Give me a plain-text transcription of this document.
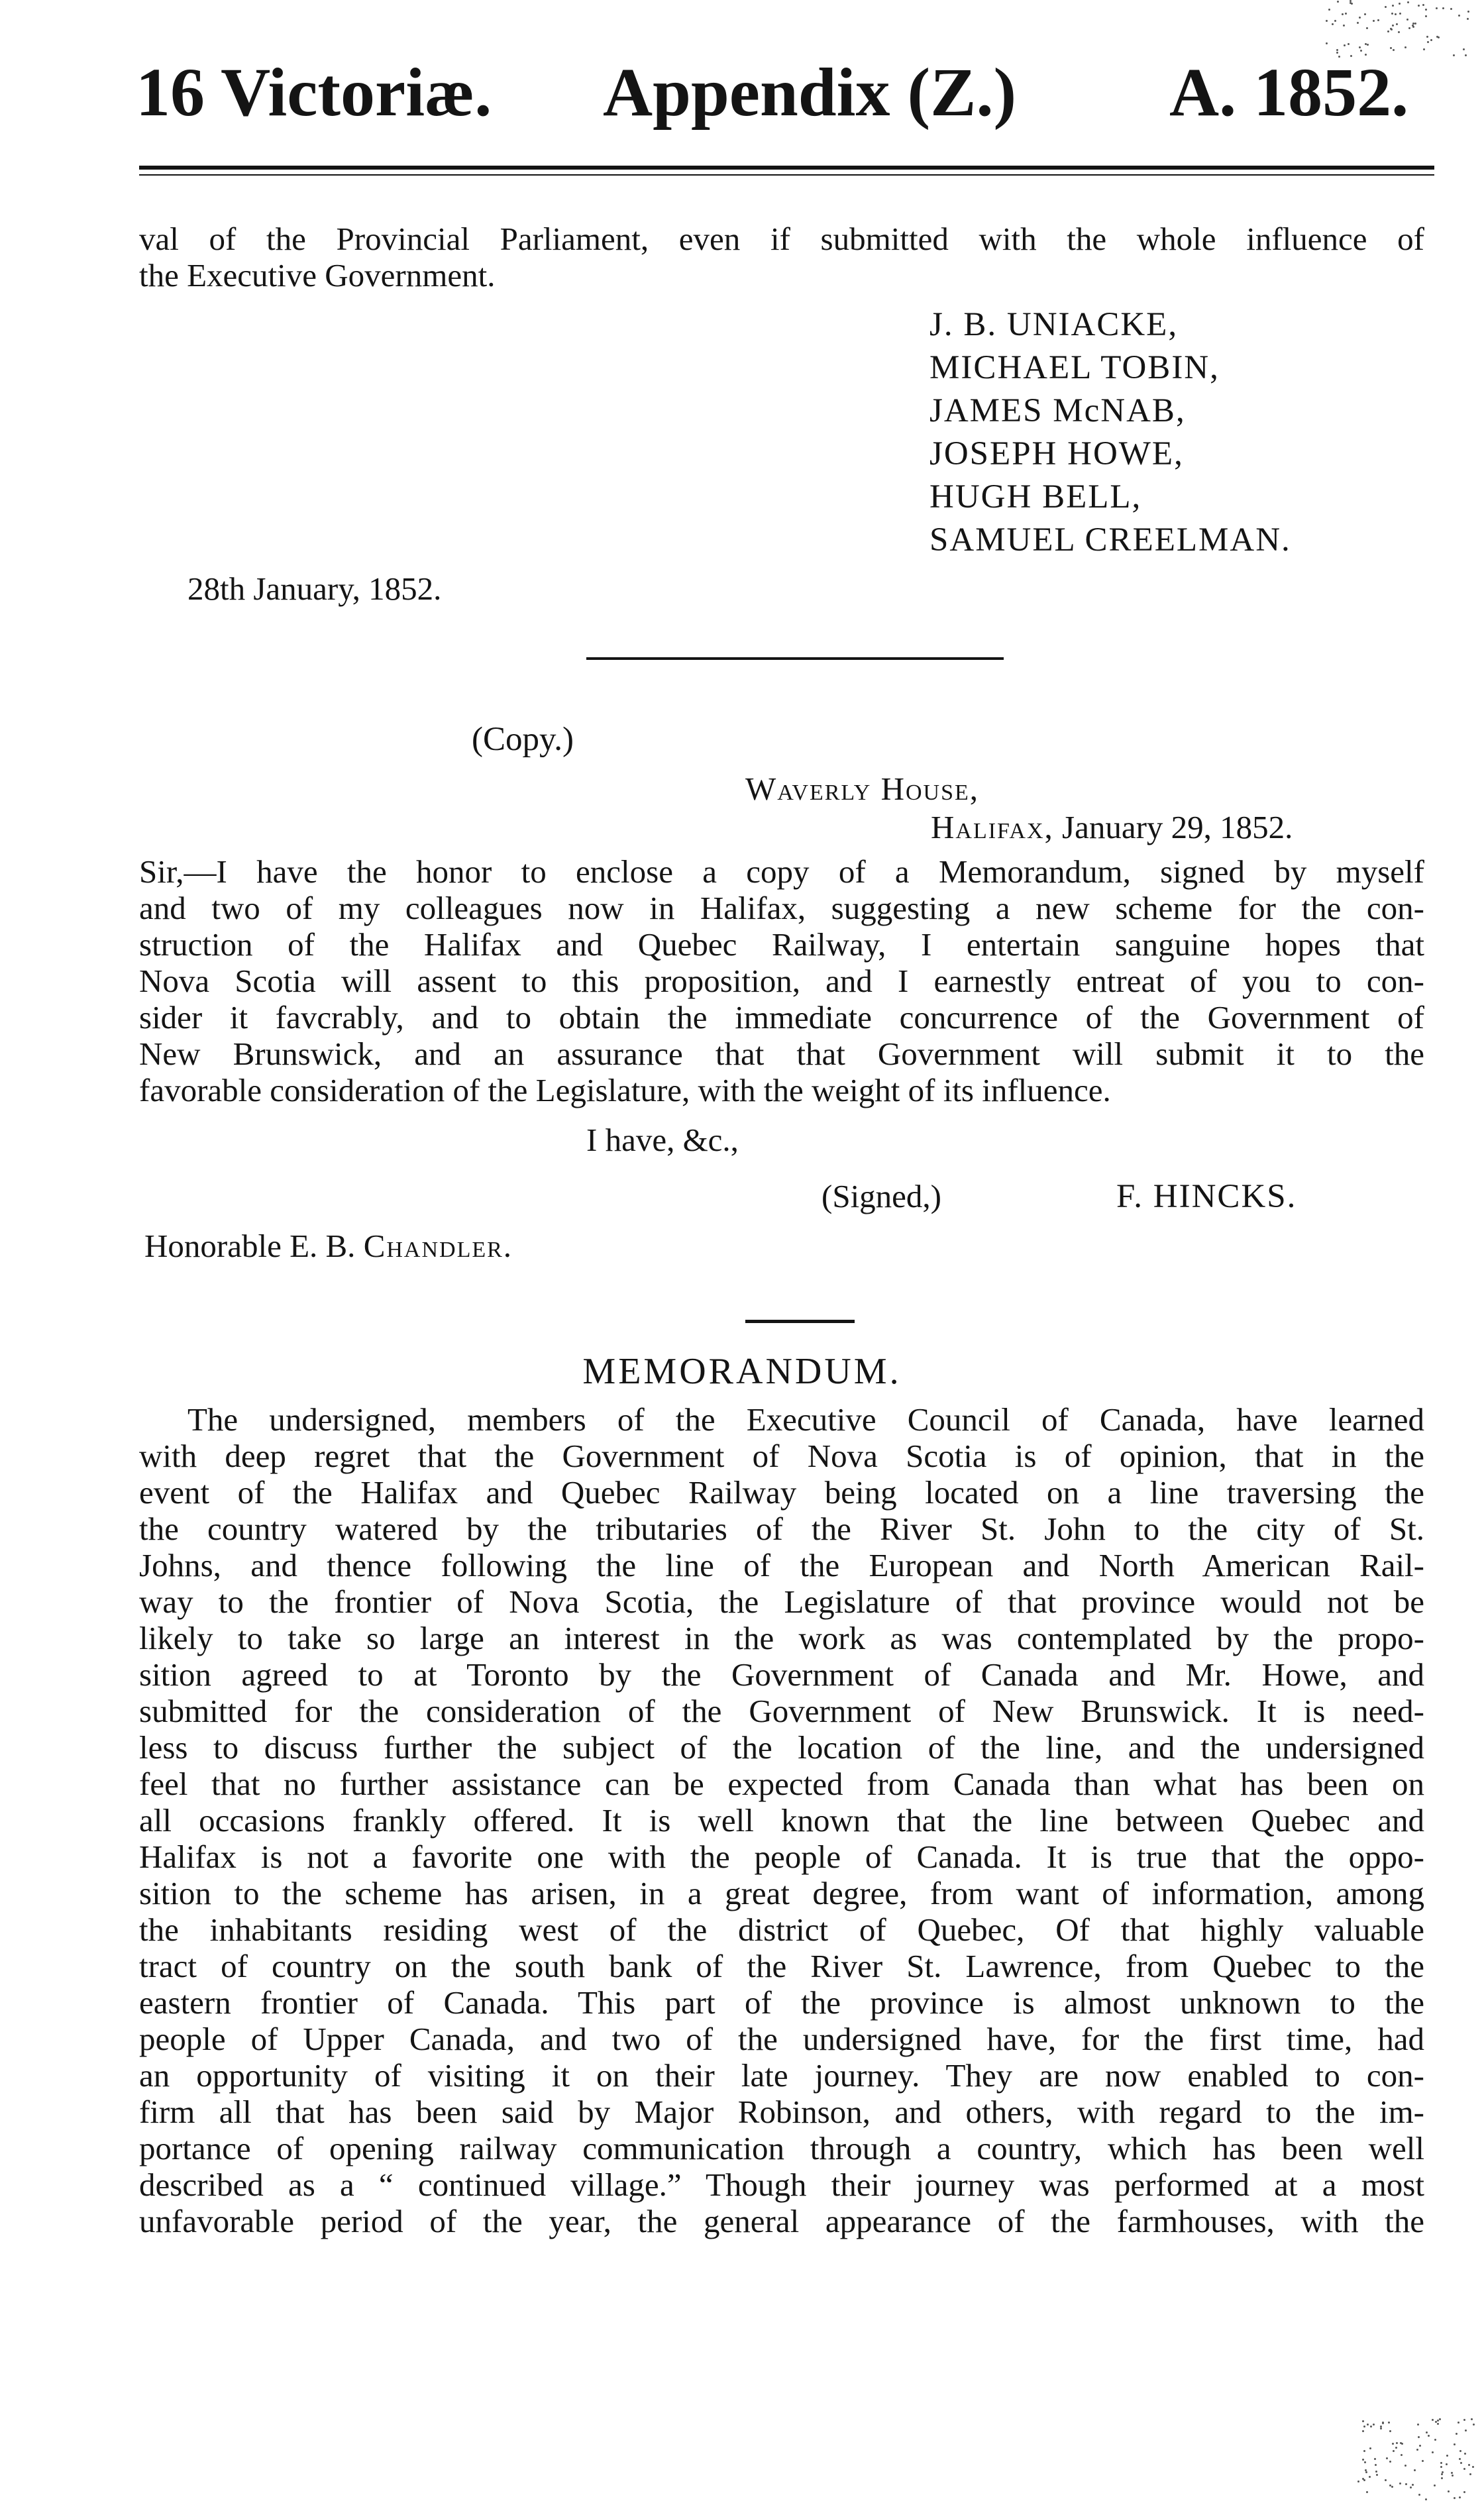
16 Victoriæ. Appendix (Z.) A. 1852.
val of the Provincial Parliament, even if submitted with the whole influence of
the Executive Government.
J. B. UNIACKE,
MICHAEL TOBIN,
JAMES McNAB,
JOSEPH HOWE,
HUGH BELL,
SAMUEL CREELMAN.
28th January, 1852.
(Copy.)
Waverly House,
Halifax, January 29, 1852.
Sir,—I have the honor to enclose a copy of a Memorandum, signed by myself
and two of my colleagues now in Halifax, suggesting a new scheme for the con-
struction of the Halifax and Quebec Railway, I entertain sanguine hopes that
Nova Scotia will assent to this proposition, and I earnestly entreat of you to con-
sider it favcrably, and to obtain the immediate concurrence of the Government of
New Brunswick, and an assurance that that Government will submit it to the
favorable consideration of the Legislature, with the weight of its influence.
I have, &c.,
(Signed,)	F. HINCKS.
Honorable E. B. Chandler.
MEMORANDUM.
The undersigned, members of the Executive Council of Canada, have learned
with deep regret that the Government of Nova Scotia is of opinion, that in the
event of the Halifax and Quebec Railway being located on a line traversing the
the country watered by the tributaries of the River St. John to the city of St.
Johns, and thence following the line of the European and North American Rail-
way to the frontier of Nova Scotia, the Legislature of that province would not be
likely to take so large an interest in the work as was contemplated by the propo-
sition agreed to at Toronto by the Government of Canada and Mr. Howe, and
submitted for the consideration of the Government of New Brunswick. It is need-
less to discuss further the subject of the location of the line, and the undersigned
feel that no further assistance can be expected from Canada than what has been on
all occasions frankly offered. It is well known that the line between Quebec and
Halifax is not a favorite one with the people of Canada. It is true that the oppo-
sition to the scheme has arisen, in a great degree, from want of information, among
the inhabitants residing west of the district of Quebec, Of that highly valuable
tract of country on the south bank of the River St. Lawrence, from Quebec to the
eastern frontier of Canada. This part of the province is almost unknown to the
people of Upper Canada, and two of the undersigned have, for the first time, had
an opportunity of visiting it on their late journey. They are now enabled to con-
firm all that has been said by Major Robinson, and others, with regard to the im-
portance of opening railway communication through a country, which has been well
described as a “ continued village.” Though their journey was performed at a most
unfavorable period of the year, the general appearance of the farmhouses, with the
